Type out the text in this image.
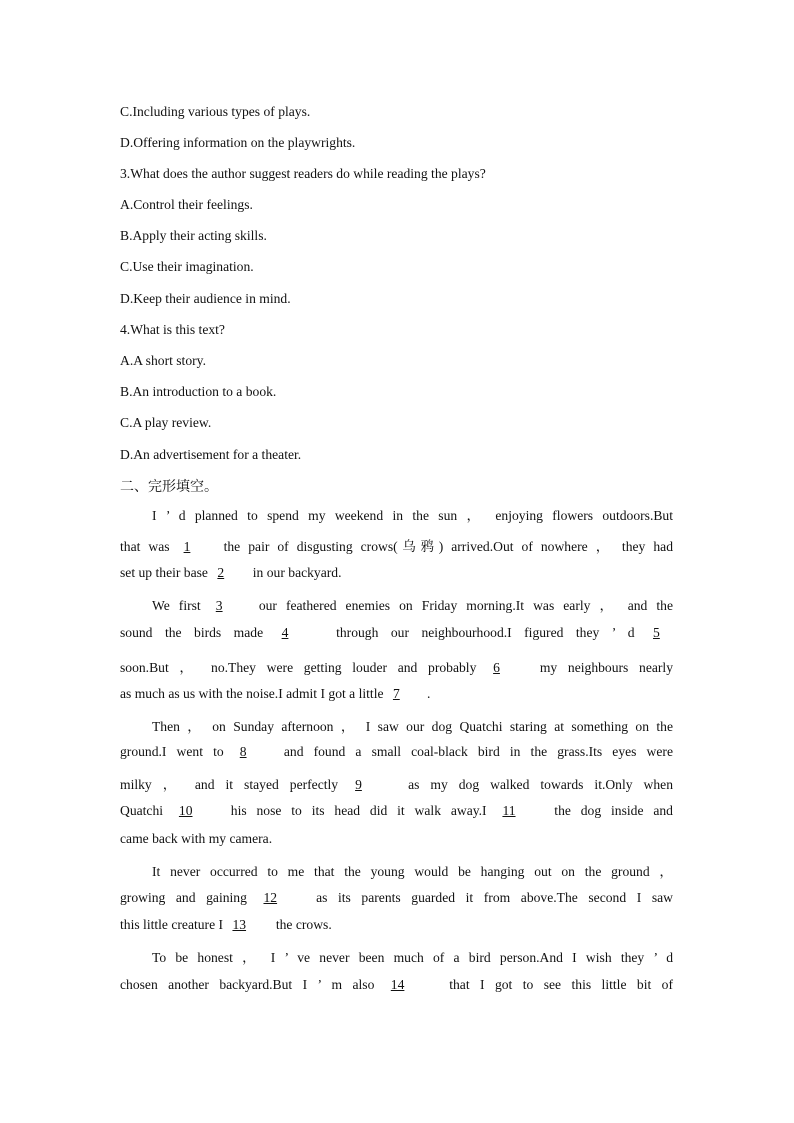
C.Including various types of plays.

D.Offering information on the playwrights.

3.What does the author suggest readers do while reading the plays?

A.Control their feelings.

B.Apply their acting skills.

C.Use their imagination.

D.Keep their audience in mind.

4.What is this text?

A.A short story.

B.An introduction to a book.

C.A play review.

D.An advertisement for a theater.

二、完形填空。

I ’ d planned to spend my weekend in the sun ， enjoying flowers outdoors.But

that was 1 the pair of disgusting crows(乌鸦) arrived.Out of nowhere ， they had

set up their base 2 in our backyard.

We first 3	our feathered enemies on Friday morning.It was early ， and the

sound the birds made 4	through our neighbourhood.I figured they ’ d 5

soon.But ， no.They were getting louder and probably 6	my neighbours nearly

as much as us with the noise.I admit I got a little 7 .

Then ， on Sunday afternoon ， I saw our dog Quatchi staring at something on the

ground.I went to 8	and found a small coal-black bird in the grass.Its eyes were

milky ， and it stayed perfectly 9	as my dog walked towards it.Only when

Quatchi 10	his nose to its head did it walk away.I 11	the dog inside and

came back with my camera.

It never occurred to me that the young would be hanging out on the ground ，

growing and gaining 12	as its parents guarded it from above.The second I saw

this little creature I 13 the crows.

To be honest ， I ’ ve never been much of a bird person.And I wish they ’ d

chosen another backyard.But I ’ m also 14	that I got to see this little bit of
